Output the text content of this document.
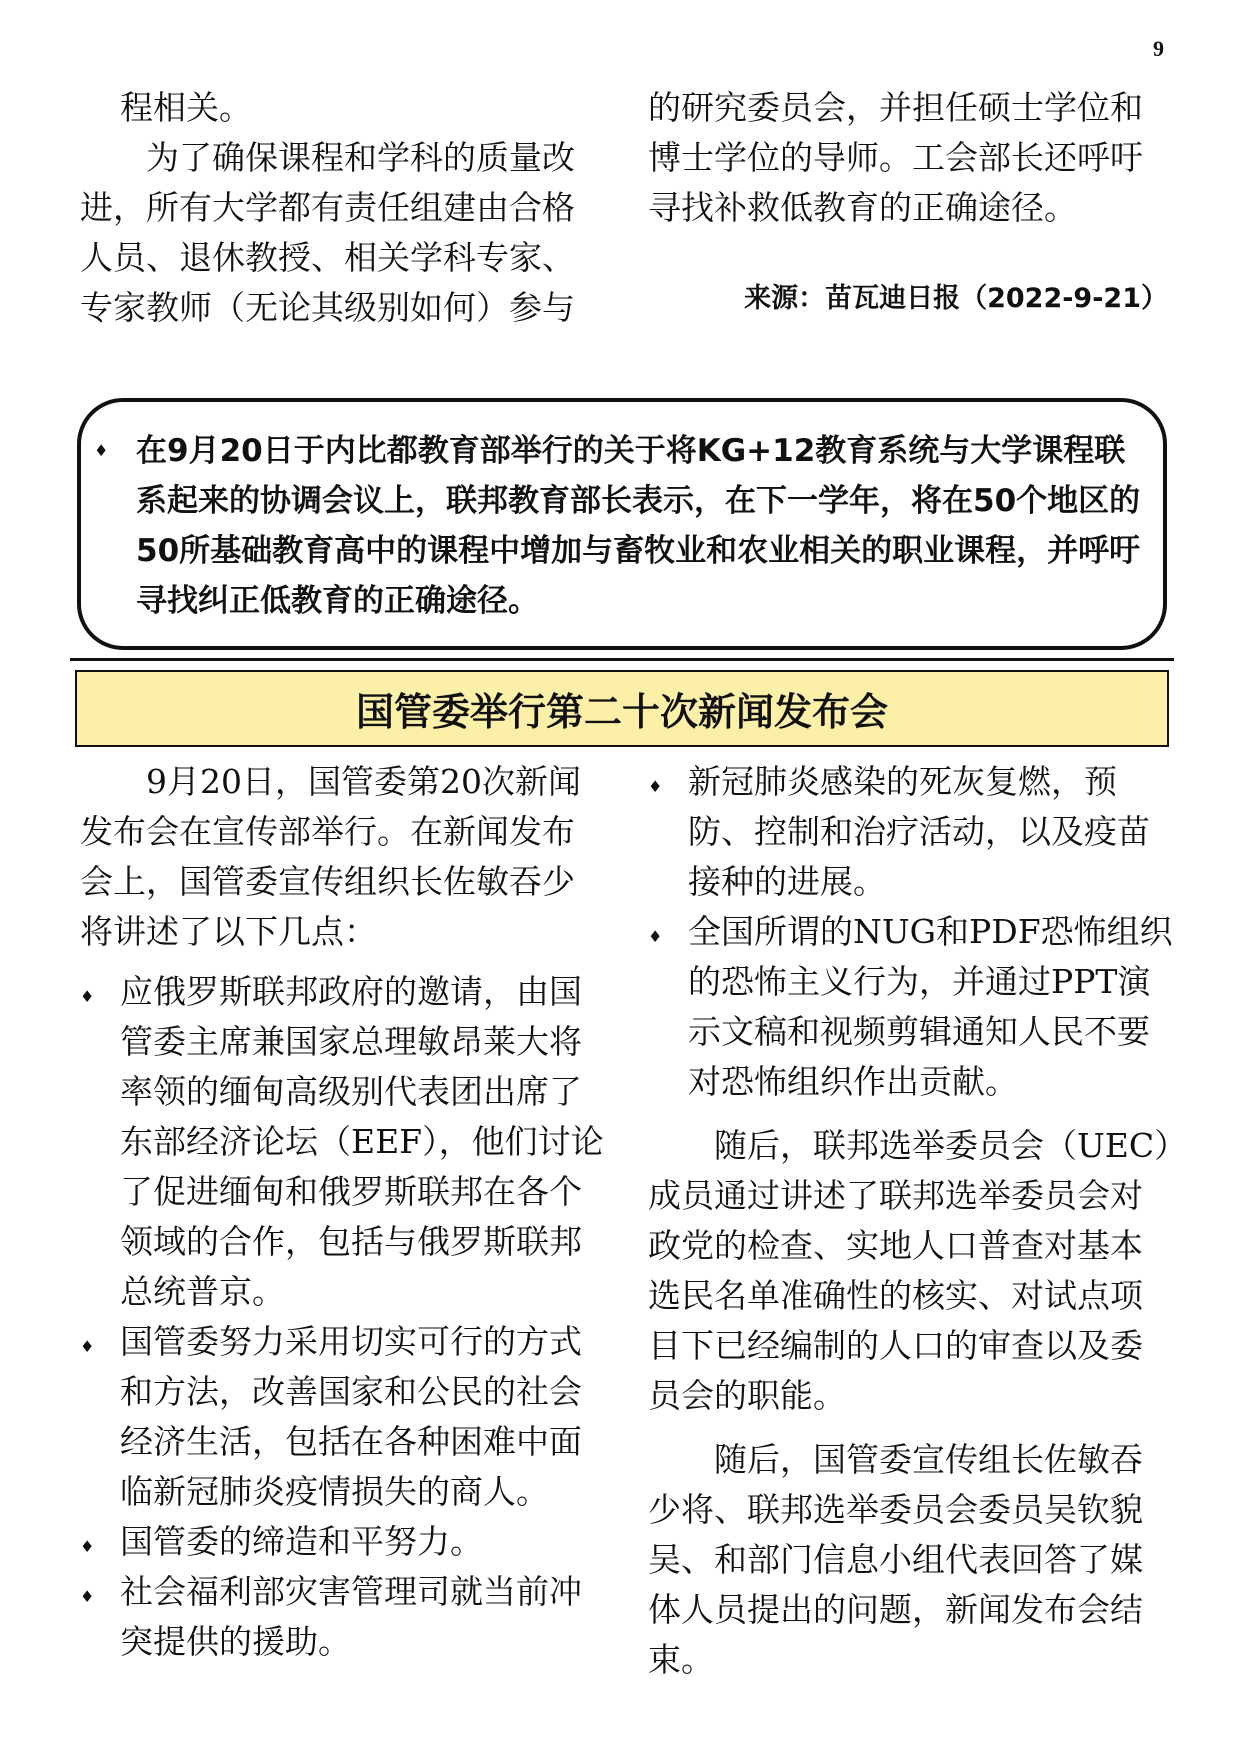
9

程相关。

为了确保课程和学科的质量改进，所有大学都有责任组建由合格人员、退休教授、相关学科专家、专家教师（无论其级别如何）参与

的研究委员会，并担任硕士学位和博士学位的导师。工会部长还呼吁寻找补救低教育的正确途径。

来源：苗瓦迪日报（2022-9-21）
♦ 在9月20日于内比都教育部举行的关于将KG+12教育系统与大学课程联系起来的协调会议上，联邦教育部长表示，在下一学年，将在50个地区的50所基础教育高中的课程中增加与畜牧业和农业相关的职业课程，并呼吁寻找纠正低教育的正确途径。
国管委举行第二十次新闻发布会

9月20日，国管委第20次新闻发布会在宣传部举行。在新闻发布会上，国管委宣传组织长佐敏吞少将讲述了以下几点：

♦ 应俄罗斯联邦政府的邀请，由国管委主席兼国家总理敏昂莱大将率领的缅甸高级别代表团出席了东部经济论坛（EEF），他们讨论了促进缅甸和俄罗斯联邦在各个领域的合作，包括与俄罗斯联邦总统普京。
♦ 国管委努力采用切实可行的方式和方法，改善国家和公民的社会经济生活，包括在各种困难中面临新冠肺炎疫情损失的商人。
♦ 国管委的缔造和平努力。
♦ 社会福利部灾害管理司就当前冲突提供的援助。
♦ 新冠肺炎感染的死灰复燃，预防、控制和治疗活动，以及疫苗接种的进展。
♦ 全国所谓的NUG和PDF恐怖组织的恐怖主义行为，并通过PPT演示文稿和视频剪辑通知人民不要对恐怖组织作出贡献。

随后，联邦选举委员会（UEC）成员通过讲述了联邦选举委员会对政党的检查、实地人口普查对基本选民名单准确性的核实、对试点项目下已经编制的人口的审查以及委员会的职能。

随后，国管委宣传组长佐敏吞少将、联邦选举委员会委员吴钦貌吴、和部门信息小组代表回答了媒体人员提出的问题，新闻发布会结束。
